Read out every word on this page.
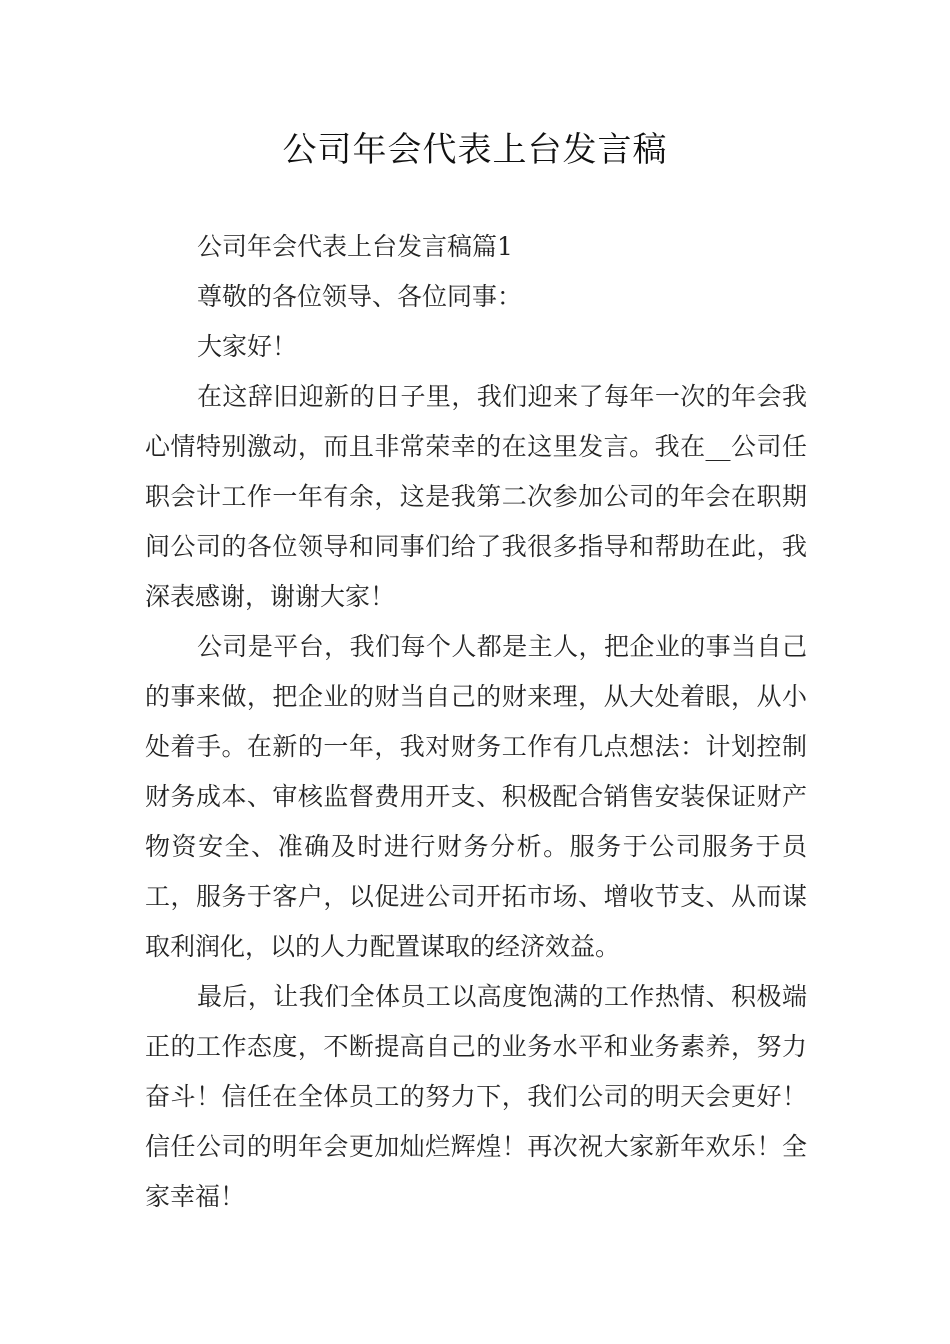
公司年会代表上台发言稿

公司年会代表上台发言稿篇1

尊敬的各位领导、各位同事：

大家好！

在这辞旧迎新的日子里，我们迎来了每年一次的年会我心情特别激动，而且非常荣幸的在这里发言。我在__公司任职会计工作一年有余，这是我第二次参加公司的年会在职期间公司的各位领导和同事们给了我很多指导和帮助在此，我深表感谢，谢谢大家！

公司是平台，我们每个人都是主人，把企业的事当自己的事来做，把企业的财当自己的财来理，从大处着眼，从小处着手。在新的一年，我对财务工作有几点想法：计划控制财务成本、审核监督费用开支、积极配合销售安装保证财产物资安全、准确及时进行财务分析。服务于公司服务于员工，服务于客户，以促进公司开拓市场、增收节支、从而谋取利润化，以的人力配置谋取的经济效益。

最后，让我们全体员工以高度饱满的工作热情、积极端正的工作态度，不断提高自己的业务水平和业务素养，努力奋斗！信任在全体员工的努力下，我们公司的明天会更好！信任公司的明年会更加灿烂辉煌！再次祝大家新年欢乐！全家幸福！
